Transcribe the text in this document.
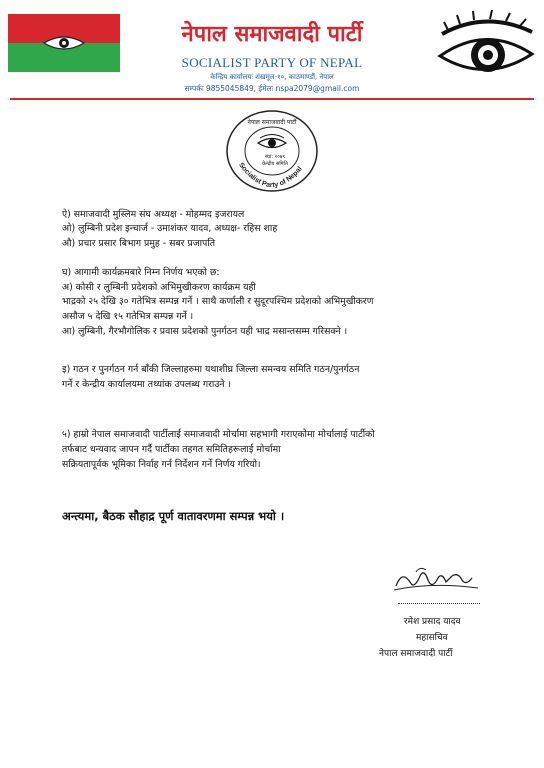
नेपाल समाजवादी पार्टी
SOCIALIST PARTY OF NEPAL
केन्द्रिय कार्यालयः शंखमूल-१०, काठमाण्डौं, नेपाल
सम्पर्कः 9855045849, ईमेलः nspa2079@gmail.com
नेपाल समाजवादी पार्टी
स्था: २०७९
केन्द्रीय समिति
Socialist Party of Nepal
ऐ) समाजवादी मुस्लिम संघ अध्यक्ष - मोहम्मद इजरायल
ओ) लुम्बिनी प्रदेश इन्चार्ज - उमाशंकर यादव, अध्यक्ष- रहिस शाह
औ) प्रचार प्रसार बिभाग प्रमुह - सबर प्रजापति
घ) आगामी कार्यक्रमबारे निम्न निर्णय भएको छ:
अ) कोसी र लुम्बिनी प्रदेशको अभिमुखीकरण कार्यक्रम यही
भाद्रको २५ देखि ३० गतेभित्र सम्पन्न गर्ने । साथै कर्णाली र सुदूरपश्चिम प्रदेशको अभिमुखीकरण
असौज ५ देखि १५ गतेभित्र सम्पन्न गर्ने ।
आ) लुम्बिनी, गैरभौगोलिक र प्रवास प्रदेशको पुनर्गठन यही भाद्र मसान्तसम्म गरिसक्ने ।
इ) गठन र पुनर्गठन गर्न बाँकी जिल्लाहरुमा यथाशीघ्र जिल्ला समन्वय समिति गठन/पुनर्गठन
गर्ने र केन्द्रीय कार्यालयमा तथ्यांक उपलब्ध गराउने ।
५) हाम्रो नेपाल समाजवादी पार्टीलाई समाजवादी मोर्चामा सहभागी गराएकोमा मोर्चालाई पार्टीको
तर्फबाट धन्यवाद जापन गर्दै पार्टीका तहगत समितिहरूलाई मोर्चामा
सक्रियतापूर्वक भूमिका निर्वाह गर्न निर्देशन गर्ने निर्णय गरियो।
अन्त्यमा, बैठक सौहाद्र पूर्ण वातावरणमा सम्पन्न भयो ।
रमेश प्रसाद यादव
महासचिव
नेपाल समाजवादी पार्टी
